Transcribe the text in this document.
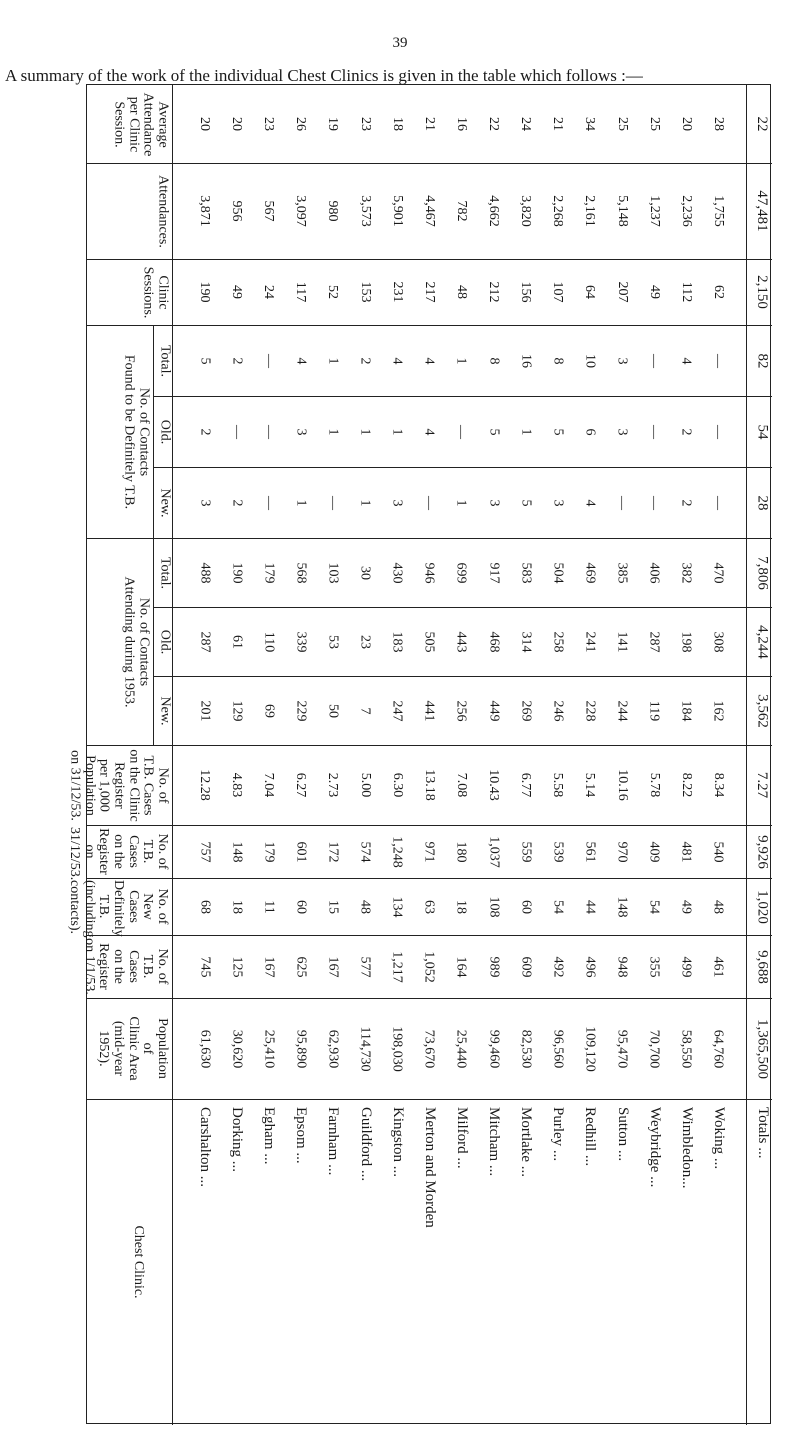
39
A summary of the work of the individual Chest Clinics is given in the table which follows :—
Average
Attendance
per Clinic
Session.
Attendances.
Clinic
Sessions.
Population
of
Clinic Area
(mid-year
1952).
No. of
T.B. Cases
on the
Register
on 1/1/53.
No. of
New Cases
Definitely
T.B.
(including
contacts).
No. of
T.B. Cases
on the
Register
on 31/12/53.
No. of
T.B. Cases
on the Clinic
Register
per 1,000
Population
on 31/12/53.
Chest Clinic.
No. of Contacts
Attending during 1953.
No. of Contacts
Found to be Definitely T.B.
Total.
Old.
New.
Total.
Old.
New.
20
3,871
190
61,630
745
68
757
12.28
488
287
201
5
2
3
Carshalton ...
20
956
49
30,620
125
18
148
4.83
190
61
129
2
—
2
Dorking ...
23
567
24
25,410
167
11
179
7.04
179
110
69
—
—
—
Egham ...
26
3,097
117
95,890
625
60
601
6.27
568
339
229
4
3
1
Epsom ...
19
980
52
62,930
167
15
172
2.73
103
53
50
1
1
—
Farnham ...
23
3,573
153
114,730
577
48
574
5.00
30
23
7
2
1
1
Guildford ...
18
5,901
231
198,030
1,217
134
1,248
6.30
430
183
247
4
1
3
Kingston ...
21
4,467
217
73,670
1,052
63
971
13.18
946
505
441
4
4
—
Merton and Morden
16
782
48
25,440
164
18
180
7.08
699
443
256
1
—
1
Milford ...
22
4,662
212
99,460
989
108
1,037
10.43
917
468
449
8
5
3
Mitcham ...
24
3,820
156
82,530
609
60
559
6.77
583
314
269
16
1
5
Mortlake ...
21
2,268
107
96,560
492
54
539
5.58
504
258
246
8
5
3
Purley ...
34
2,161
64
109,120
496
44
561
5.14
469
241
228
10
6
4
Redhill ...
25
5,148
207
95,470
948
148
970
10.16
385
141
244
3
3
—
Sutton ...
25
1,237
49
70,700
355
54
409
5.78
406
287
119
—
—
—
Weybridge ...
20
2,236
112
58,550
499
49
481
8.22
382
198
184
4
2
2
Wimbledon...
28
1,755
62
64,760
461
48
540
8.34
470
308
162
—
—
—
Woking ...
22
47,481
2,150
1,365,500
9,688
1,020
9,926
7.27
7,806
4,244
3,562
82
54
28
Totals ...
